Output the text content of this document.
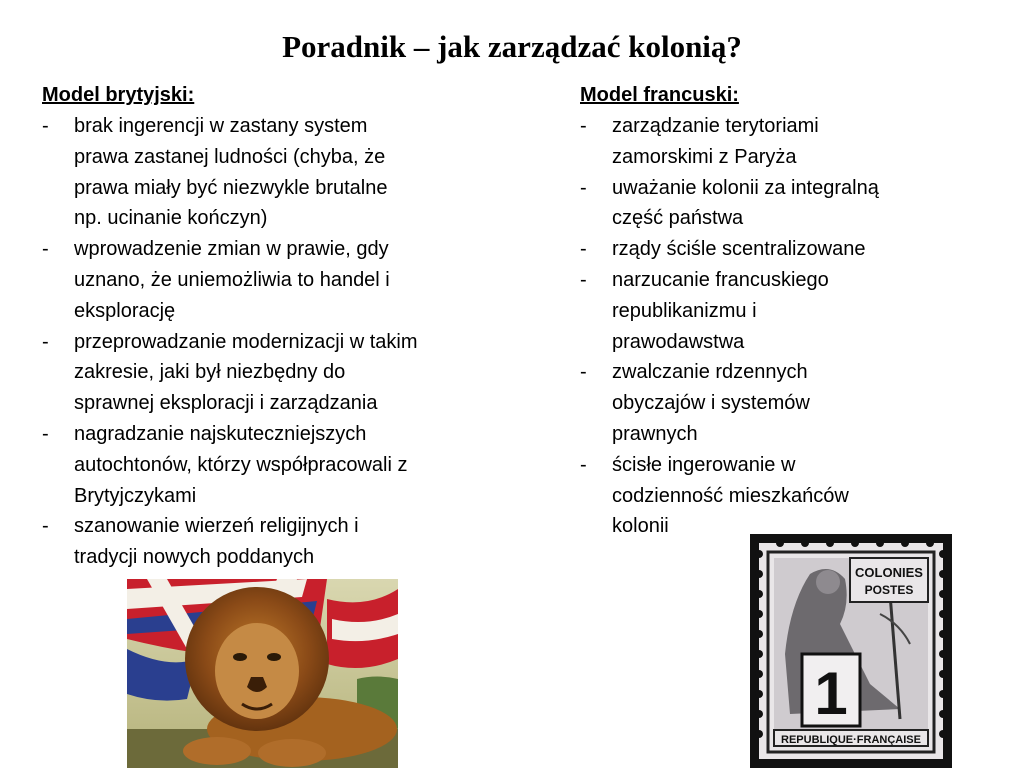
Poradnik – jak zarządzać kolonią?
Model brytyjski:
- brak ingerencji w zastany system
prawa zastanej ludności (chyba, że
prawa miały być niezwykle brutalne
np. ucinanie kończyn)
- wprowadzenie zmian w prawie, gdy
uznano, że uniemożliwia to handel i
eksplorację
- przeprowadzanie modernizacji w takim
zakresie, jaki był niezbędny do
sprawnej eksploracji i zarządzania
- nagradzanie najskuteczniejszych
autochtonów, którzy współpracowali z
Brytyjczykami
- szanowanie wierzeń religijnych i
tradycji nowych poddanych
Model francuski:
- zarządzanie terytoriami
zamorskimi z Paryża
- uważanie kolonii za integralną
część państwa
- rządy ściśle scentralizowane
- narzucanie francuskiego
republikanizmu i
prawodawstwa
- zwalczanie rdzennych
obyczajów i systemów
prawnych
- ścisłe ingerowanie w
codzienność mieszkańców
kolonii
COLONIES
POSTES
1
REPUBLIQUE·FRANÇAISE
